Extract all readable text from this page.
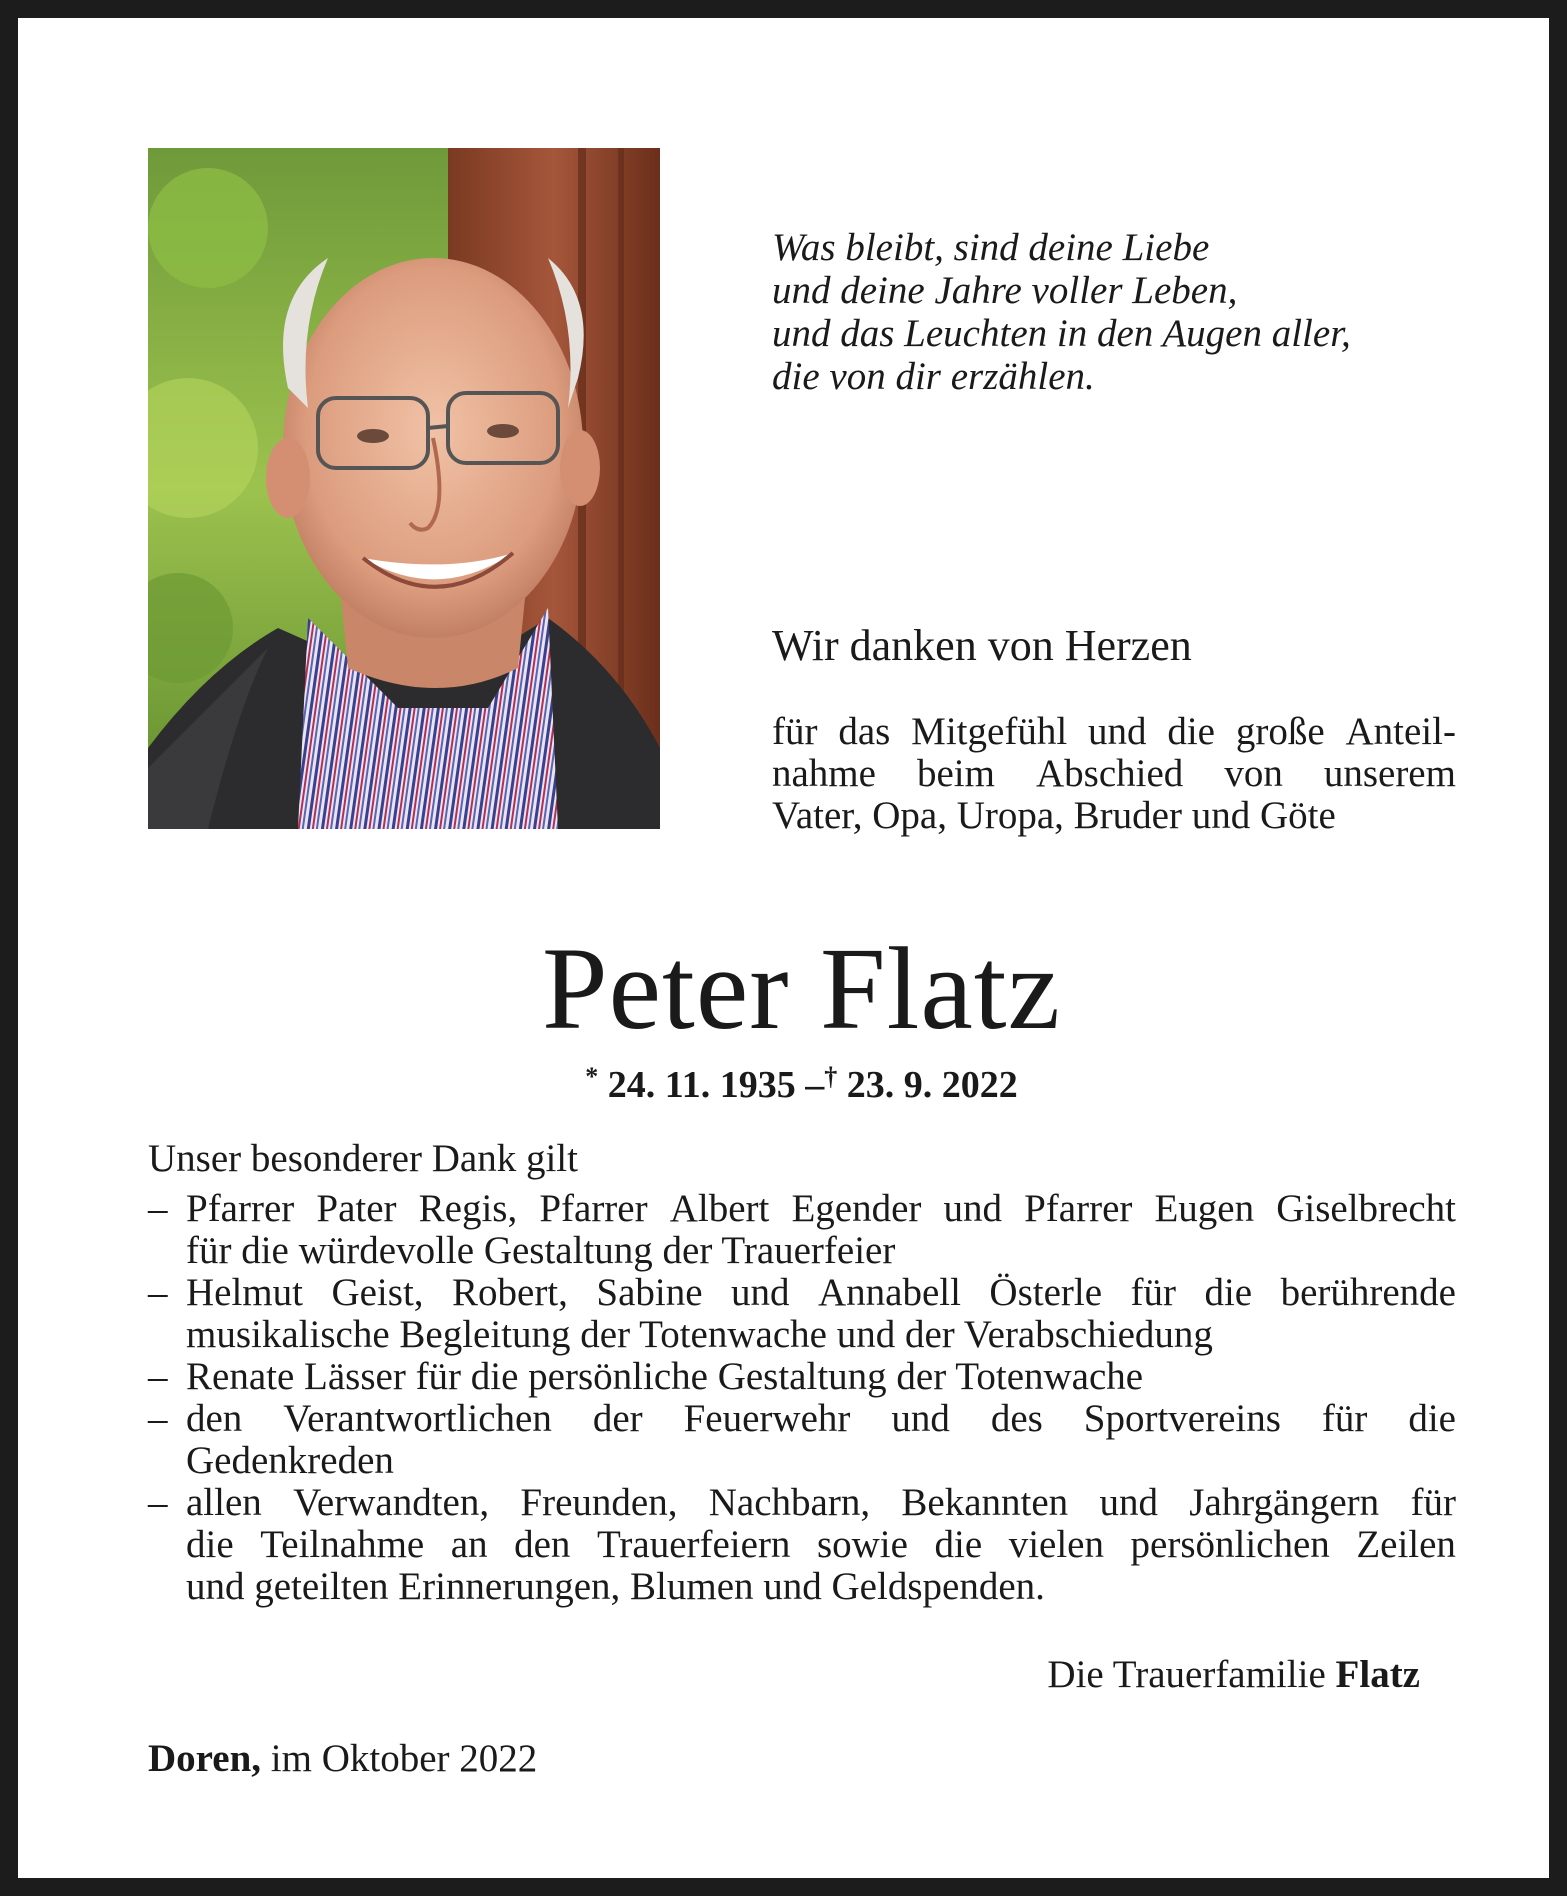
Was bleibt, sind deine Liebe
und deine Jahre voller Leben,
und das Leuchten in den Augen aller,
die von dir erzählen.
Wir danken von Herzen
für das Mitgefühl und die große Anteil-
nahme beim Abschied von unserem
Vater, Opa, Uropa, Bruder und Göte
Peter Flatz
* 24. 11. 1935 –† 23. 9. 2022
Unser besonderer Dank gilt
– Pfarrer Pater Regis, Pfarrer Albert Egender und Pfarrer Eugen Giselbrecht
für die würdevolle Gestaltung der Trauerfeier
– Helmut Geist, Robert, Sabine und Annabell Österle für die berührende
musikalische Begleitung der Totenwache und der Verabschiedung
– Renate Lässer für die persönliche Gestaltung der Totenwache
– den Verantwortlichen der Feuerwehr und des Sportvereins für die
Gedenkreden
– allen Verwandten, Freunden, Nachbarn, Bekannten und Jahrgängern für
die Teilnahme an den Trauerfeiern sowie die vielen persönlichen Zeilen
und geteilten Erinnerungen, Blumen und Geldspenden.
Die Trauerfamilie Flatz
Doren, im Oktober 2022
